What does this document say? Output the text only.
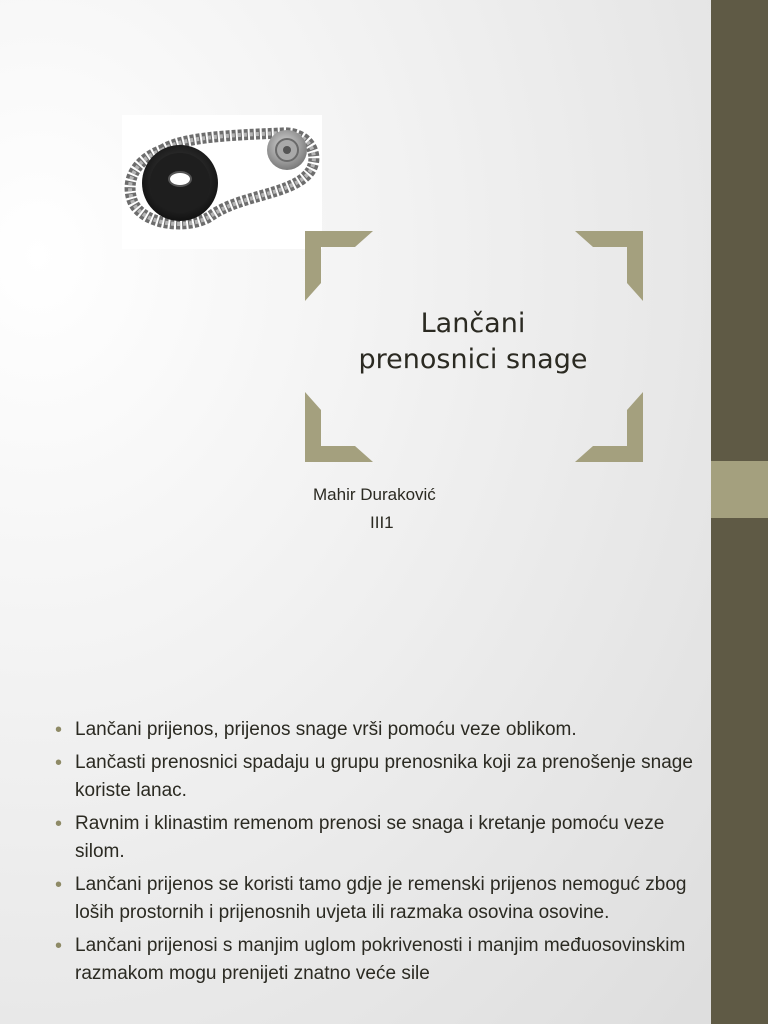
Lančani
prenosnici snage
Mahir Duraković
III1
• Lančani prijenos, prijenos snage vrši pomoću veze oblikom.
• Lančasti prenosnici spadaju u grupu prenosnika koji za prenošenje snage koriste lanac.
• Ravnim i klinastim remenom prenosi se snaga i kretanje pomoću veze silom.
• Lančani prijenos se koristi tamo gdje je remenski prijenos nemoguć zbog loših prostornih i prijenosnih uvjeta ili razmaka osovina osovine.
• Lančani prijenosi s manjim uglom pokrivenosti i manjim međuosovinskim razmakom mogu prenijeti znatno veće sile
